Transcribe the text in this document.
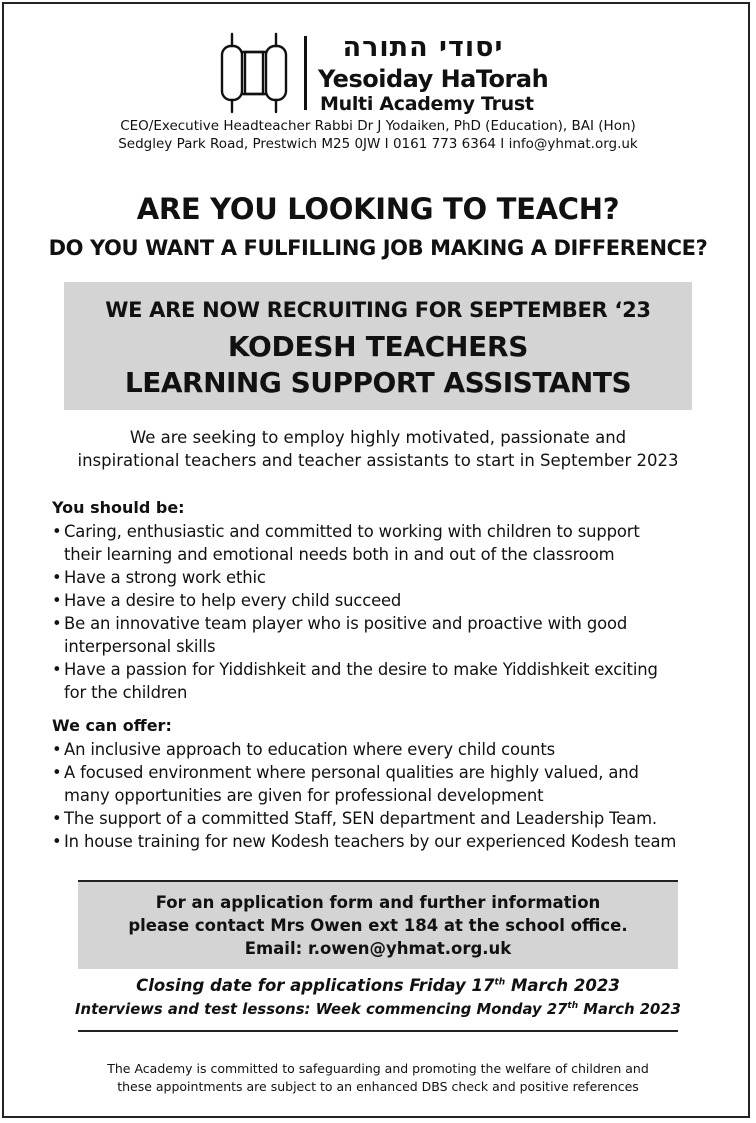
יסודי התורה
Yesoiday HaTorah
Multi Academy Trust
CEO/Executive Headteacher Rabbi Dr J Yodaiken, PhD (Education), BAI (Hon)
Sedgley Park Road, Prestwich M25 0JW I 0161 773 6364 I info@yhmat.org.uk
ARE YOU LOOKING TO TEACH?
DO YOU WANT A FULFILLING JOB MAKING A DIFFERENCE?
WE ARE NOW RECRUITING FOR SEPTEMBER ‘23
KODESH TEACHERS
LEARNING SUPPORT ASSISTANTS
We are seeking to employ highly motivated, passionate and
inspirational teachers and teacher assistants to start in September 2023
You should be:
• Caring, enthusiastic and committed to working with children to support
their learning and emotional needs both in and out of the classroom
• Have a strong work ethic
• Have a desire to help every child succeed
• Be an innovative team player who is positive and proactive with good
interpersonal skills
• Have a passion for Yiddishkeit and the desire to make Yiddishkeit exciting
for the children
We can offer:
• An inclusive approach to education where every child counts
• A focused environment where personal qualities are highly valued, and
many opportunities are given for professional development
• The support of a committed Staff, SEN department and Leadership Team.
• In house training for new Kodesh teachers by our experienced Kodesh team
For an application form and further information
please contact Mrs Owen ext 184 at the school office.
Email: r.owen@yhmat.org.uk
Closing date for applications Friday 17th March 2023
Interviews and test lessons: Week commencing Monday 27th March 2023
The Academy is committed to safeguarding and promoting the welfare of children and
these appointments are subject to an enhanced DBS check and positive references
